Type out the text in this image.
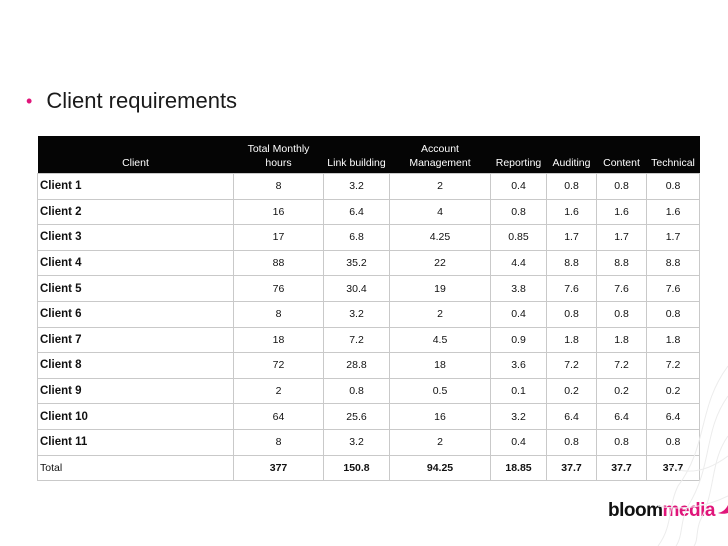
• Client requirements
Client	Total Monthly hours	Link building	Account Management	Reporting	Auditing	Content	Technical
Client 1	8	3.2	2	0.4	0.8	0.8	0.8
Client 2	16	6.4	4	0.8	1.6	1.6	1.6
Client 3	17	6.8	4.25	0.85	1.7	1.7	1.7
Client 4	88	35.2	22	4.4	8.8	8.8	8.8
Client 5	76	30.4	19	3.8	7.6	7.6	7.6
Client 6	8	3.2	2	0.4	0.8	0.8	0.8
Client 7	18	7.2	4.5	0.9	1.8	1.8	1.8
Client 8	72	28.8	18	3.6	7.2	7.2	7.2
Client 9	2	0.8	0.5	0.1	0.2	0.2	0.2
Client 10	64	25.6	16	3.2	6.4	6.4	6.4
Client 11	8	3.2	2	0.4	0.8	0.8	0.8
Total	377	150.8	94.25	18.85	37.7	37.7	37.7
bloommedia
